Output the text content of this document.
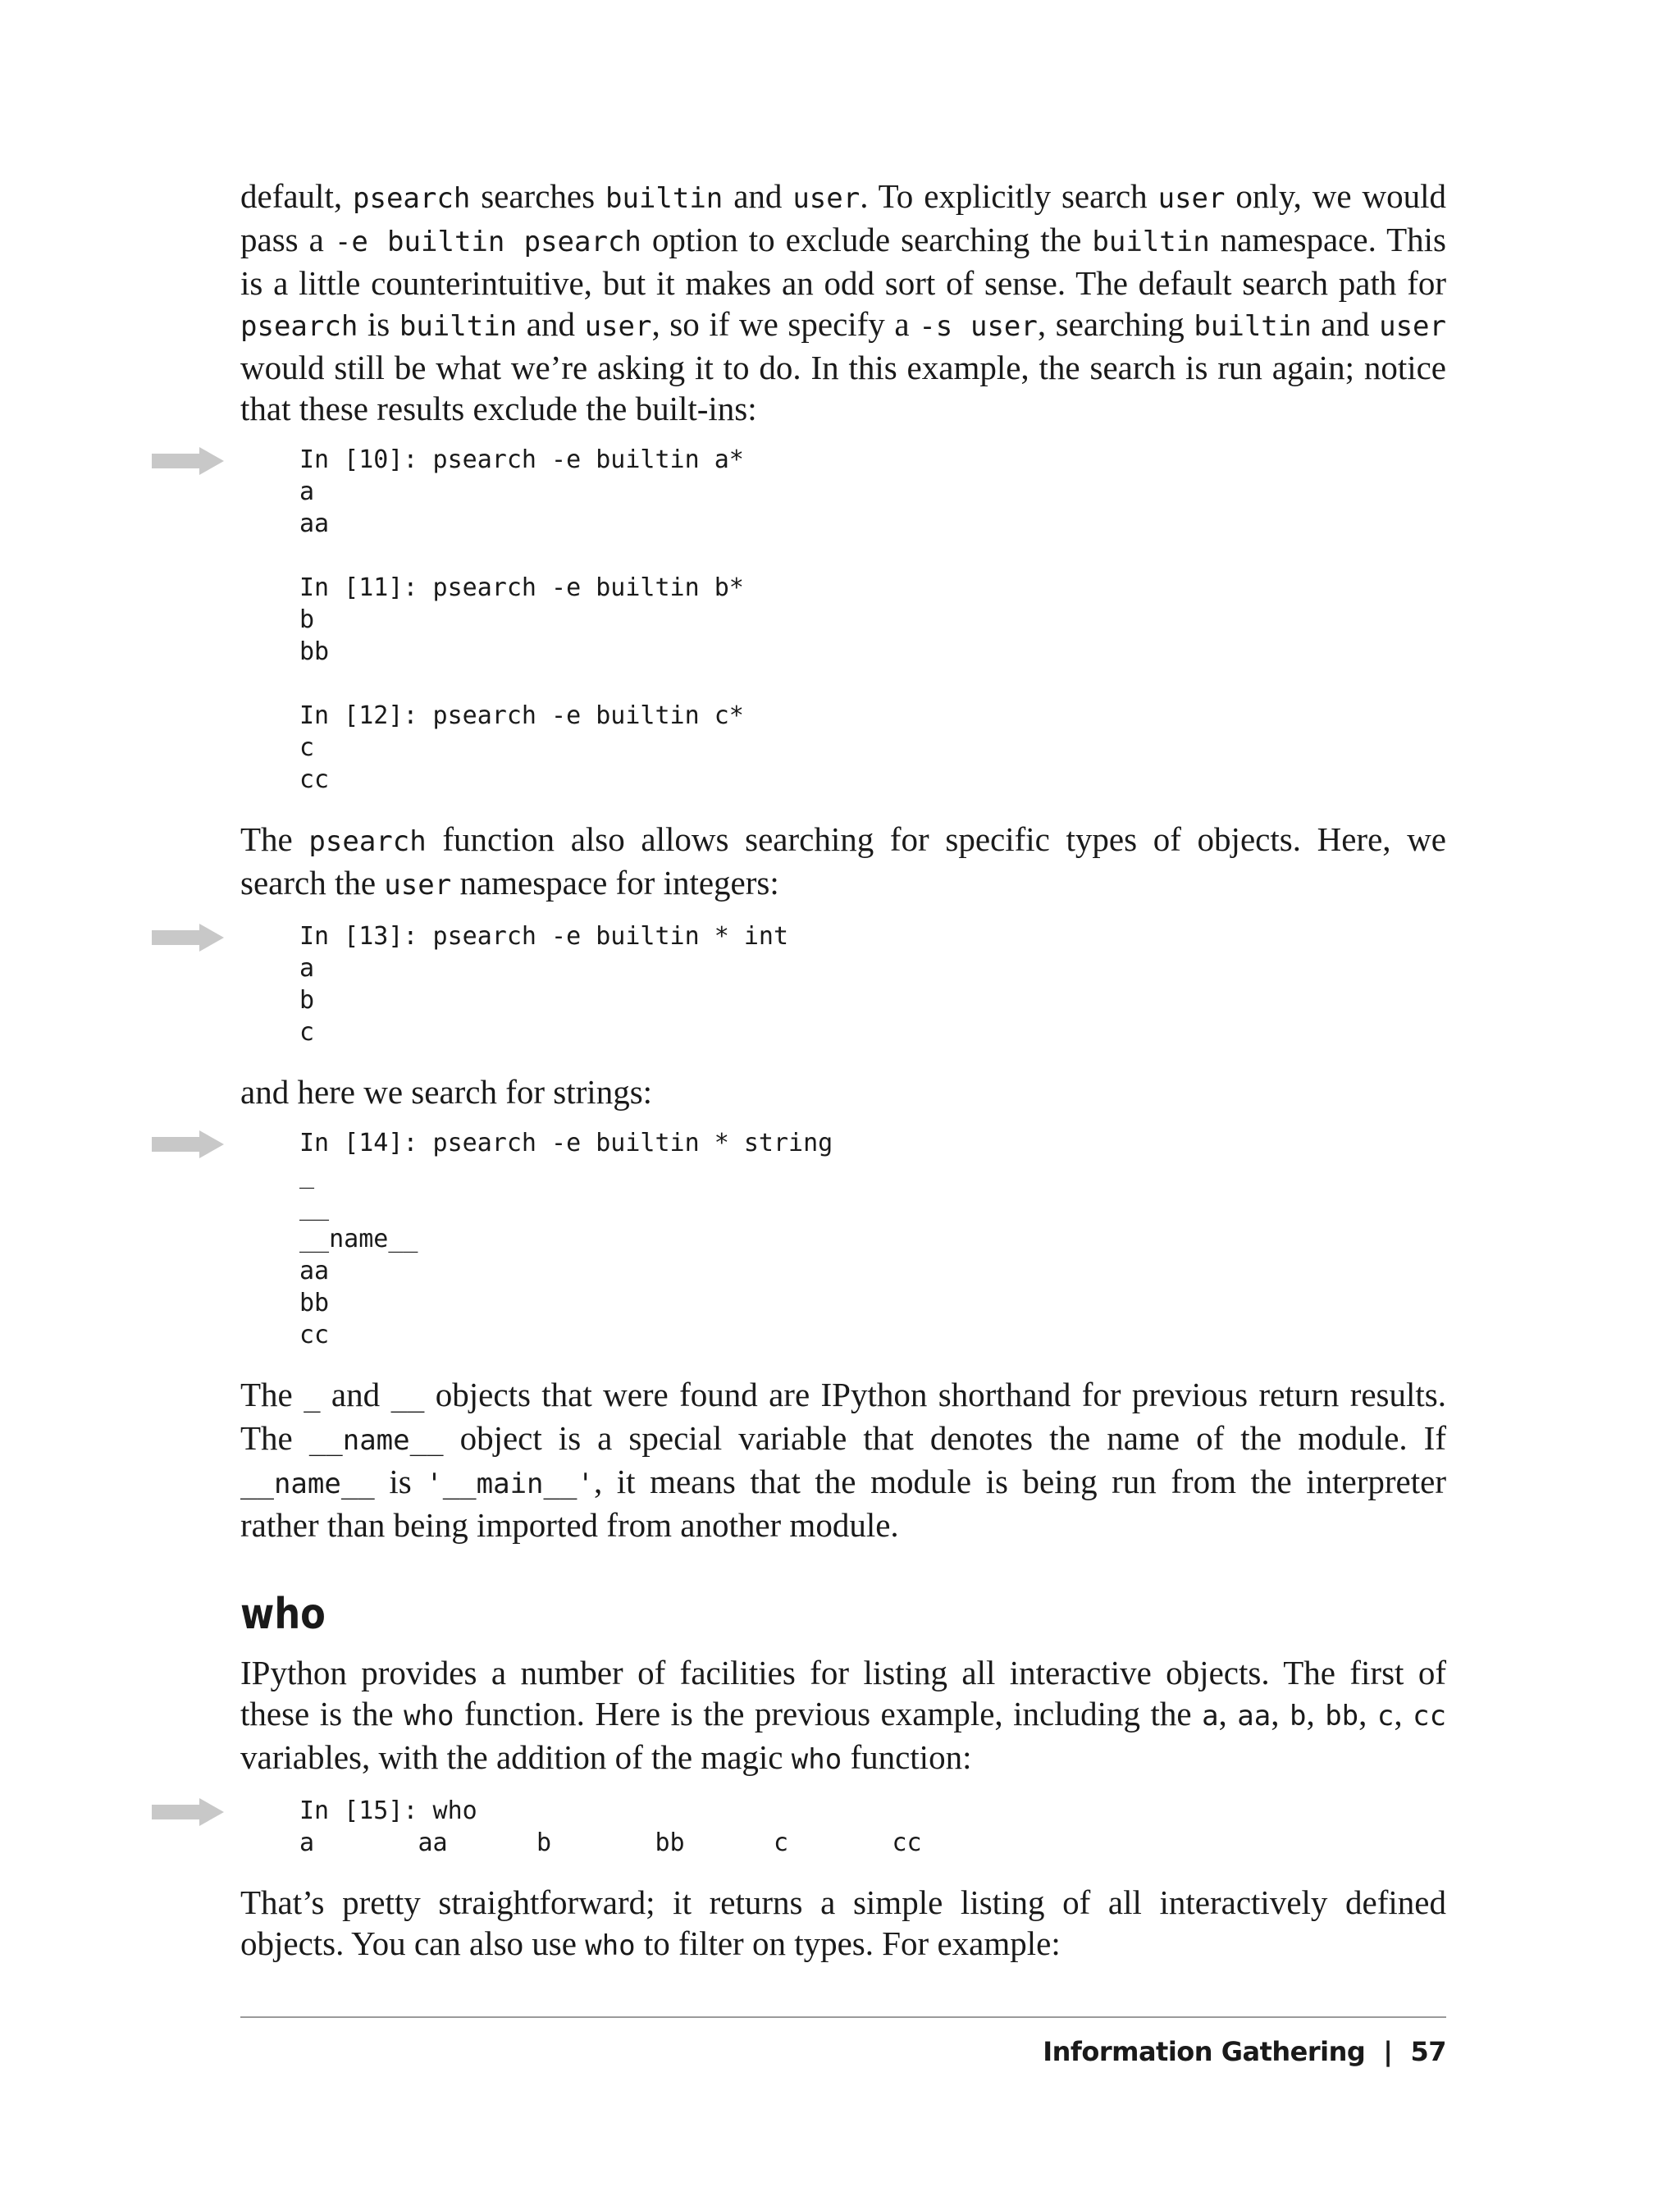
default, psearch searches builtin and user. To explicitly search user only, we would pass a -e builtin psearch option to exclude searching the builtin namespace. This is a little counterintuitive, but it makes an odd sort of sense. The default search path for psearch is builtin and user, so if we specify a -s user, searching builtin and user would still be what we’re asking it to do. In this example, the search is run again; notice that these results exclude the built-ins:

In [10]: psearch -e builtin a*
a
aa

In [11]: psearch -e builtin b*
b
bb

In [12]: psearch -e builtin c*
c
cc

The psearch function also allows searching for specific types of objects. Here, we search the user namespace for integers:

In [13]: psearch -e builtin * int
a
b
c

and here we search for strings:

In [14]: psearch -e builtin * string
_
__
__name__
aa
bb
cc

The _ and __ objects that were found are IPython shorthand for previous return results. The __name__ object is a special variable that denotes the name of the module. If __name__ is '__main__', it means that the module is being run from the interpreter rather than being imported from another module.

who

IPython provides a number of facilities for listing all interactive objects. The first of these is the who function. Here is the previous example, including the a, aa, b, bb, c, cc variables, with the addition of the magic who function:

In [15]: who
a       aa      b       bb      c       cc

That’s pretty straightforward; it returns a simple listing of all interactively defined objects. You can also use who to filter on types. For example:

Information Gathering | 57
